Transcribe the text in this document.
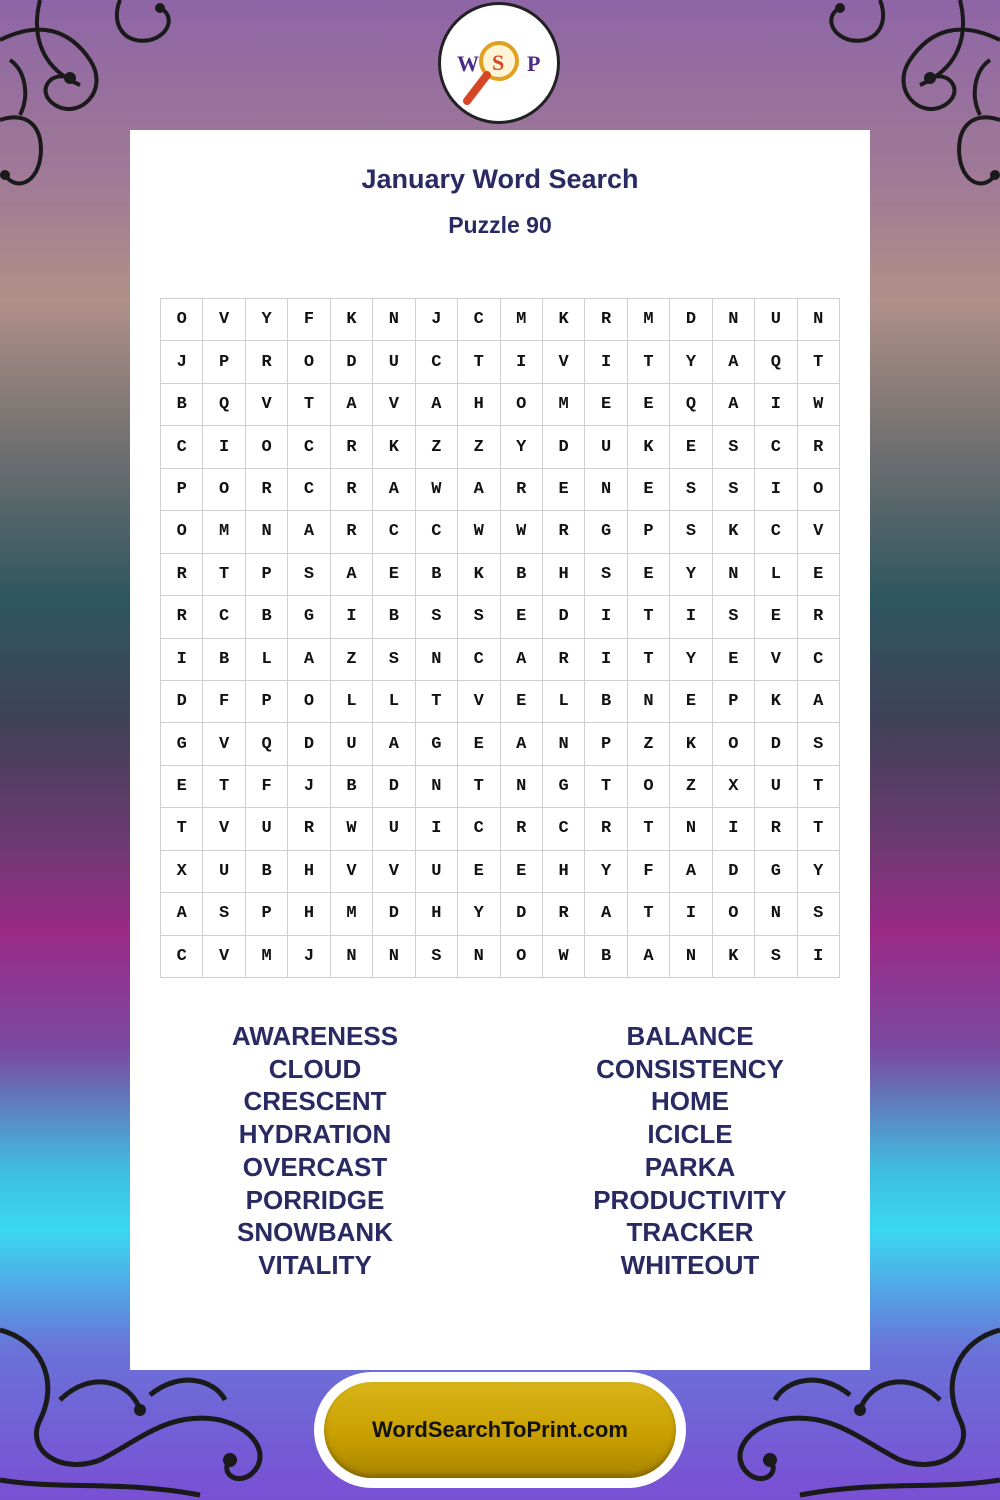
W S P
January Word Search
Puzzle 90
O	V	Y	F	K	N	J	C	M	K	R	M	D	N	U	N
J	P	R	O	D	U	C	T	I	V	I	T	Y	A	Q	T
B	Q	V	T	A	V	A	H	O	M	E	E	Q	A	I	W
C	I	O	C	R	K	Z	Z	Y	D	U	K	E	S	C	R
P	O	R	C	R	A	W	A	R	E	N	E	S	S	I	O
O	M	N	A	R	C	C	W	W	R	G	P	S	K	C	V
R	T	P	S	A	E	B	K	B	H	S	E	Y	N	L	E
R	C	B	G	I	B	S	S	E	D	I	T	I	S	E	R
I	B	L	A	Z	S	N	C	A	R	I	T	Y	E	V	C
D	F	P	O	L	L	T	V	E	L	B	N	E	P	K	A
G	V	Q	D	U	A	G	E	A	N	P	Z	K	O	D	S
E	T	F	J	B	D	N	T	N	G	T	O	Z	X	U	T
T	V	U	R	W	U	I	C	R	C	R	T	N	I	R	T
X	U	B	H	V	V	U	E	E	H	Y	F	A	D	G	Y
A	S	P	H	M	D	H	Y	D	R	A	T	I	O	N	S
C	V	M	J	N	N	S	N	O	W	B	A	N	K	S	I
AWARENESS
CLOUD
CRESCENT
HYDRATION
OVERCAST
PORRIDGE
SNOWBANK
VITALITY
BALANCE
CONSISTENCY
HOME
ICICLE
PARKA
PRODUCTIVITY
TRACKER
WHITEOUT
WordSearchToPrint.com
